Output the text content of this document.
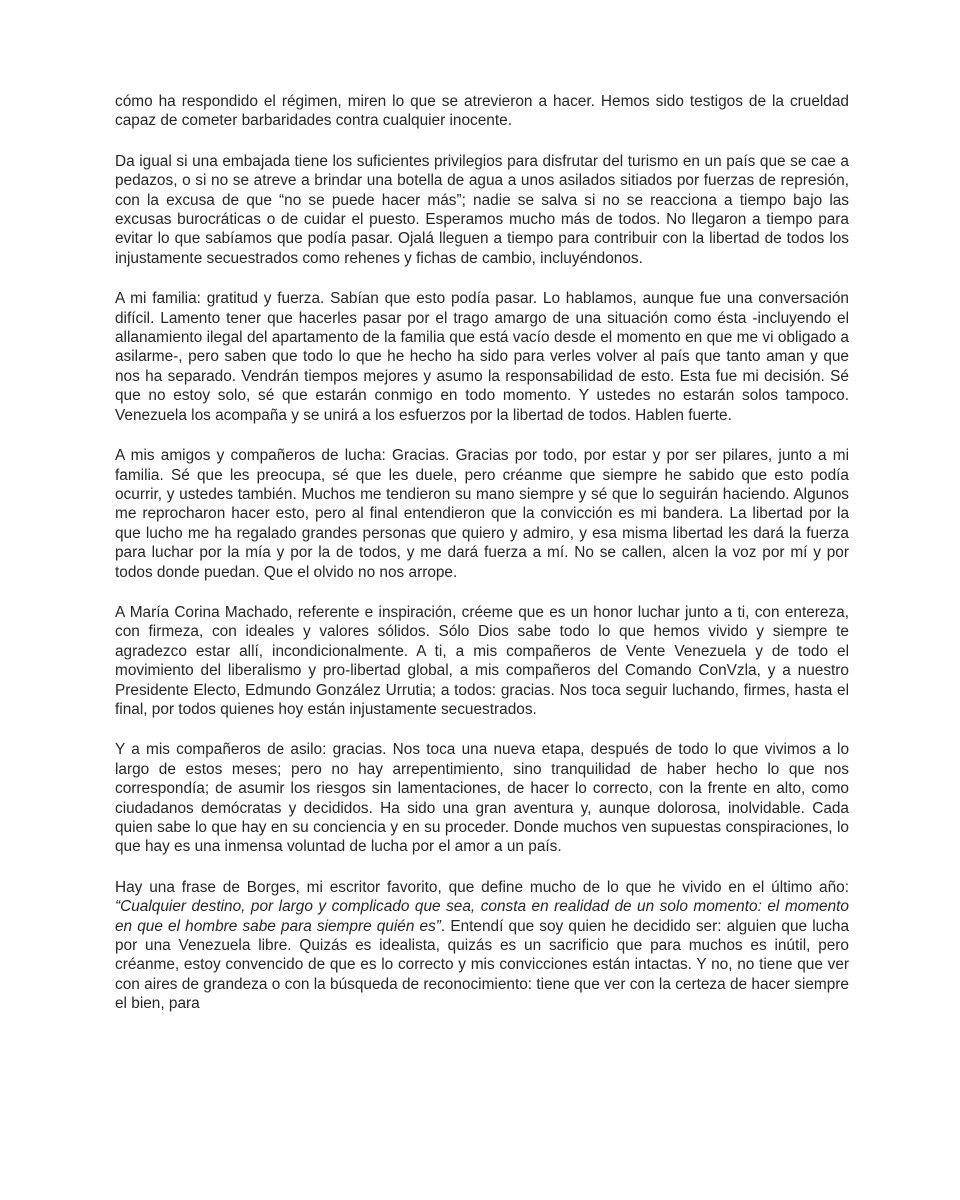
cómo ha respondido el régimen, miren lo que se atrevieron a hacer. Hemos sido testigos de la crueldad capaz de cometer barbaridades contra cualquier inocente.

Da igual si una embajada tiene los suficientes privilegios para disfrutar del turismo en un país que se cae a pedazos, o si no se atreve a brindar una botella de agua a unos asilados sitiados por fuerzas de represión, con la excusa de que “no se puede hacer más”; nadie se salva si no se reacciona a tiempo bajo las excusas burocráticas o de cuidar el puesto. Esperamos mucho más de todos. No llegaron a tiempo para evitar lo que sabíamos que podía pasar. Ojalá lleguen a tiempo para contribuir con la libertad de todos los injustamente secuestrados como rehenes y fichas de cambio, incluyéndonos.

A mi familia: gratitud y fuerza. Sabían que esto podía pasar. Lo hablamos, aunque fue una conversación difícil. Lamento tener que hacerles pasar por el trago amargo de una situación como ésta -incluyendo el allanamiento ilegal del apartamento de la familia que está vacío desde el momento en que me vi obligado a asilarme-, pero saben que todo lo que he hecho ha sido para verles volver al país que tanto aman y que nos ha separado. Vendrán tiempos mejores y asumo la responsabilidad de esto. Esta fue mi decisión. Sé que no estoy solo, sé que estarán conmigo en todo momento. Y ustedes no estarán solos tampoco. Venezuela los acompaña y se unirá a los esfuerzos por la libertad de todos. Hablen fuerte.

A mis amigos y compañeros de lucha: Gracias. Gracias por todo, por estar y por ser pilares, junto a mi familia. Sé que les preocupa, sé que les duele, pero créanme que siempre he sabido que esto podía ocurrir, y ustedes también. Muchos me tendieron su mano siempre y sé que lo seguirán haciendo. Algunos me reprocharon hacer esto, pero al final entendieron que la convicción es mi bandera. La libertad por la que lucho me ha regalado grandes personas que quiero y admiro, y esa misma libertad les dará la fuerza para luchar por la mía y por la de todos, y me dará fuerza a mí. No se callen, alcen la voz por mí y por todos donde puedan. Que el olvido no nos arrope.

A María Corina Machado, referente e inspiración, créeme que es un honor luchar junto a ti, con entereza, con firmeza, con ideales y valores sólidos. Sólo Dios sabe todo lo que hemos vivido y siempre te agradezco estar allí, incondicionalmente. A ti, a mis compañeros de Vente Venezuela y de todo el movimiento del liberalismo y pro-libertad global, a mis compañeros del Comando ConVzla, y a nuestro Presidente Electo, Edmundo González Urrutia; a todos: gracias. Nos toca seguir luchando, firmes, hasta el final, por todos quienes hoy están injustamente secuestrados.

Y a mis compañeros de asilo: gracias. Nos toca una nueva etapa, después de todo lo que vivimos a lo largo de estos meses; pero no hay arrepentimiento, sino tranquilidad de haber hecho lo que nos correspondía; de asumir los riesgos sin lamentaciones, de hacer lo correcto, con la frente en alto, como ciudadanos demócratas y decididos. Ha sido una gran aventura y, aunque dolorosa, inolvidable. Cada quien sabe lo que hay en su conciencia y en su proceder. Donde muchos ven supuestas conspiraciones, lo que hay es una inmensa voluntad de lucha por el amor a un país.

Hay una frase de Borges, mi escritor favorito, que define mucho de lo que he vivido en el último año: “Cualquier destino, por largo y complicado que sea, consta en realidad de un solo momento: el momento en que el hombre sabe para siempre quién es”. Entendí que soy quien he decidido ser: alguien que lucha por una Venezuela libre. Quizás es idealista, quizás es un sacrificio que para muchos es inútil, pero créanme, estoy convencido de que es lo correcto y mis convicciones están intactas. Y no, no tiene que ver con aires de grandeza o con la búsqueda de reconocimiento: tiene que ver con la certeza de hacer siempre el bien, para
